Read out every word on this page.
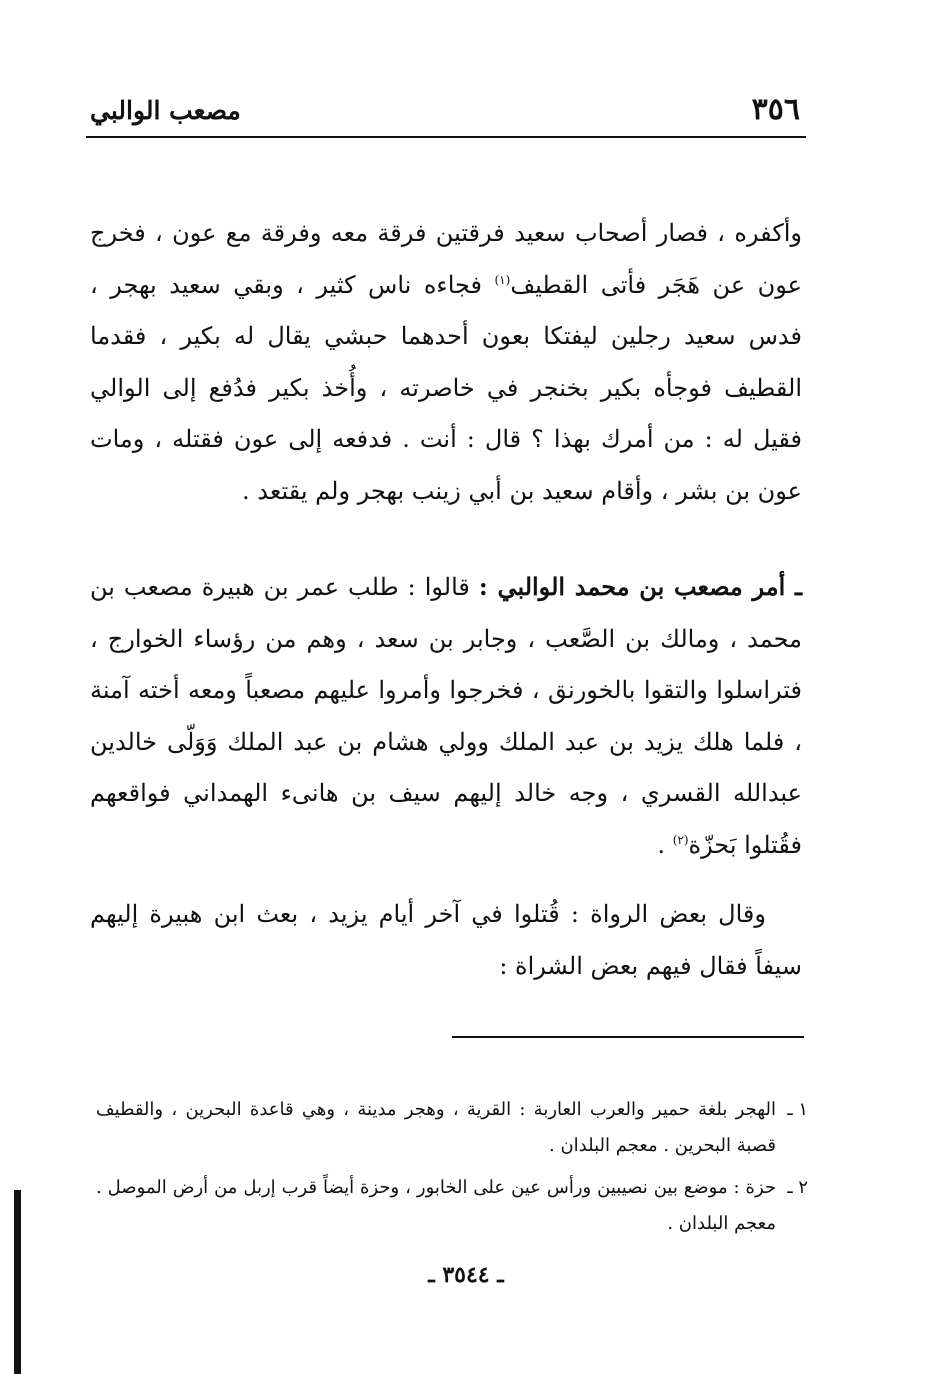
٣٥٦
مصعب الوالبي

وأكفره ، فصار أصحاب سعيد فرقتين فرقة معه وفرقة مع عون ، فخرج عون عن هَجَر فأتى القطيف$^{(١)}$ فجاءه ناس كثير ، وبقي سعيد بهجر ، فدس سعيد رجلين ليفتكا بعون أحدهما حبشي يقال له بكير ، فقدما القطيف فوجأه بكير بخنجر في خاصرته ، وأُخذ بكير فدُفع إلى الوالي فقيل له : من أمرك بهذا ؟ قال : أنت . فدفعه إلى عون فقتله ، ومات عون بن بشر ، وأقام سعيد بن أبي زينب بهجر ولم يقتعد .

ـ أمر مصعب بن محمد الوالبي : قالوا : طلب عمر بن هبيرة مصعب بن محمد ، ومالك بن الصَّعب ، وجابر بن سعد ، وهم من رؤساء الخوارج ، فتراسلوا والتقوا بالخورنق ، فخرجوا وأمروا عليهم مصعباً ومعه أخته آمنة ، فلما هلك يزيد بن عبد الملك وولي هشام بن عبد الملك وَوَلّى خالدين عبدالله القسري ، وجه خالد إليهم سيف بن هانىء الهمداني فواقعهم فقُتلوا بَحزّة$^{(٢)}$ .

وقال بعض الرواة : قُتلوا في آخر أيام يزيد ، بعث ابن هبيرة إليهم سيفاً فقال فيهم بعض الشراة :

١ ـ
الهجر بلغة حمير والعرب العاربة : القرية ، وهجر مدينة ، وهي قاعدة البحرين ، والقطيف قصبة البحرين . معجم البلدان .

٢ ـ
حزة : موضع بين نصيبين ورأس عين على الخابور ، وحزة أيضاً قرب إربل من أرض الموصل . معجم البلدان .

ـ ٣٥٤٤ ـ
